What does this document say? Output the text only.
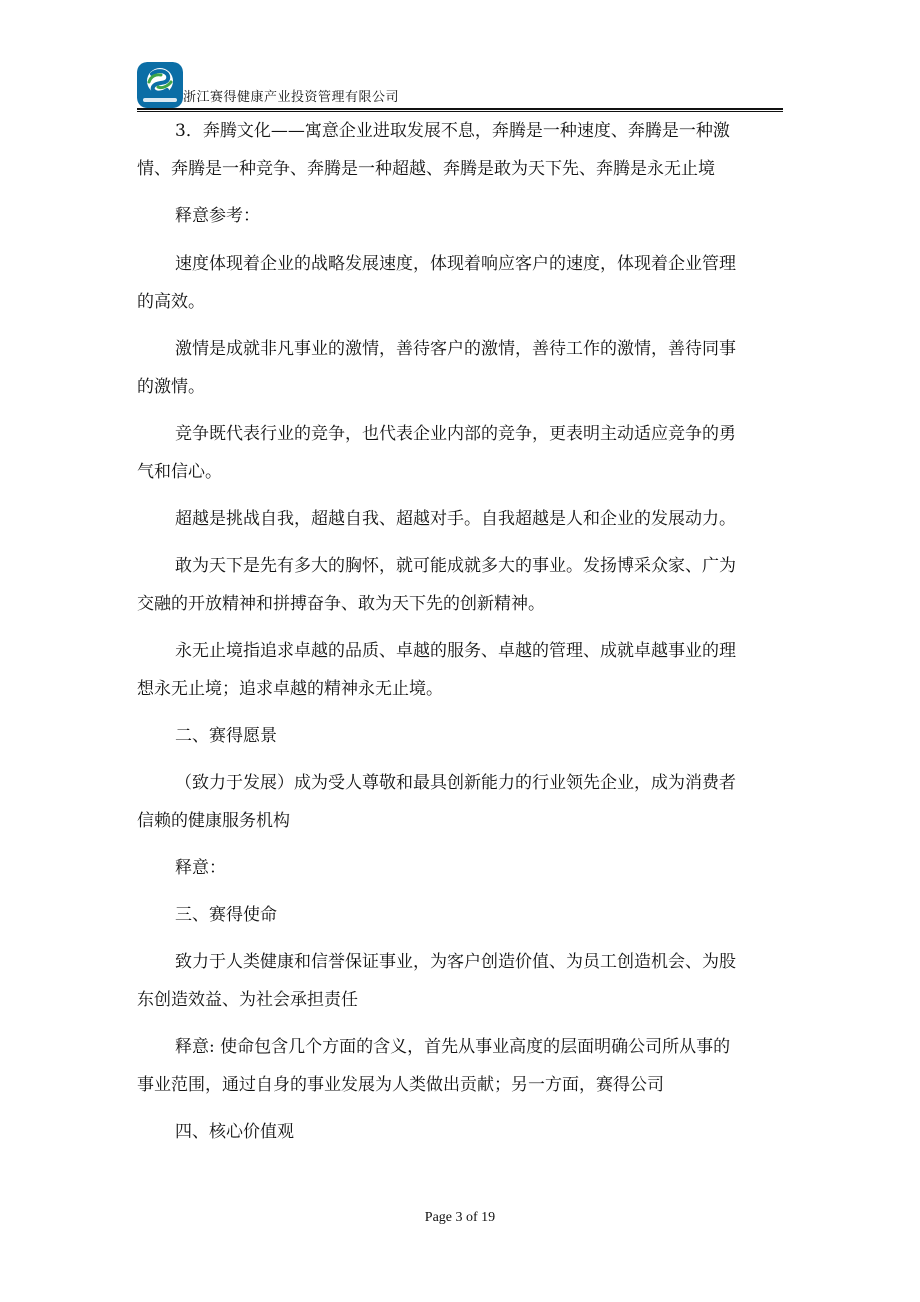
浙江赛得健康产业投资管理有限公司
3．奔腾文化——寓意企业进取发展不息，奔腾是一种速度、奔腾是一种激
情、奔腾是一种竞争、奔腾是一种超越、奔腾是敢为天下先、奔腾是永无止境
释意参考：
速度体现着企业的战略发展速度，体现着响应客户的速度，体现着企业管理
的高效。
激情是成就非凡事业的激情，善待客户的激情，善待工作的激情，善待同事
的激情。
竞争既代表行业的竞争，也代表企业内部的竞争，更表明主动适应竞争的勇
气和信心。
超越是挑战自我，超越自我、超越对手。自我超越是人和企业的发展动力。
敢为天下是先有多大的胸怀，就可能成就多大的事业。发扬博采众家、广为
交融的开放精神和拼搏奋争、敢为天下先的创新精神。
永无止境指追求卓越的品质、卓越的服务、卓越的管理、成就卓越事业的理
想永无止境；追求卓越的精神永无止境。
二、赛得愿景
（致力于发展）成为受人尊敬和最具创新能力的行业领先企业，成为消费者
信赖的健康服务机构
释意：
三、赛得使命
致力于人类健康和信誉保证事业，为客户创造价值、为员工创造机会、为股
东创造效益、为社会承担责任
释意: 使命包含几个方面的含义，首先从事业高度的层面明确公司所从事的
事业范围，通过自身的事业发展为人类做出贡献；另一方面，赛得公司
四、核心价值观
Page 3 of 19
